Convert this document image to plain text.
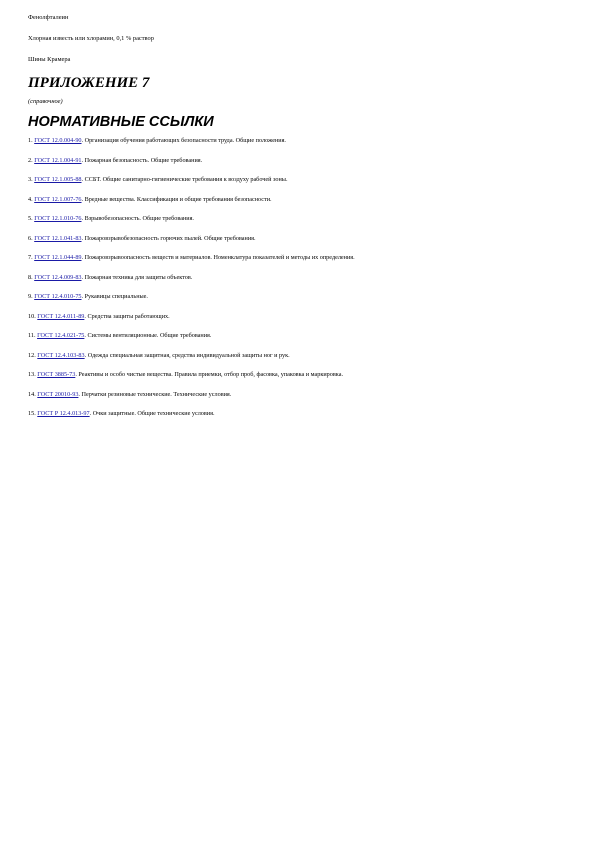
Фенолфталеин

Хлорная известь или хлорамин, 0,1 % раствор

Шины Крамера

ПРИЛОЖЕНИЕ 7

(справочное)

НОРМАТИВНЫЕ ССЫЛКИ
1. ГОСТ 12.0.004-90. Организация обучения работающих безопасности труда. Общие положения.
2. ГОСТ 12.1.004-91. Пожарная безопасность. Общие требования.
3. ГОСТ 12.1.005-88. ССБТ. Общие санитарно-гигиенические требования к воздуху рабочей зоны.
4. ГОСТ 12.1.007-76. Вредные вещества. Классификация и общие требования безопасности.
5. ГОСТ 12.1.010-76. Взрывобезопасность. Общие требования.
6. ГОСТ 12.1.041-83. Пожаровзрывобезопасность горючих пылей. Общие требования.
7. ГОСТ 12.1.044-89. Пожаровзрывоопасность веществ и материалов. Номенклатура показателей и методы их определения.
8. ГОСТ 12.4.009-83. Пожарная техника для защиты объектов.
9. ГОСТ 12.4.010-75. Рукавицы специальные.
10. ГОСТ 12.4.011-89. Средства защиты работающих.
11. ГОСТ 12.4.021-75. Системы вентиляционные. Общие требования.
12. ГОСТ 12.4.103-83. Одежда специальная защитная, средства индивидуальной защиты ног и рук.
13. ГОСТ 3885-73. Реактивы и особо чистые вещества. Правила приемки, отбор проб, фасовка, упаковка и маркировка.
14. ГОСТ 20010-93. Перчатки резиновые технические. Технические условия.
15. ГОСТ Р 12.4.013-97. Очки защитные. Общие технические условия.
